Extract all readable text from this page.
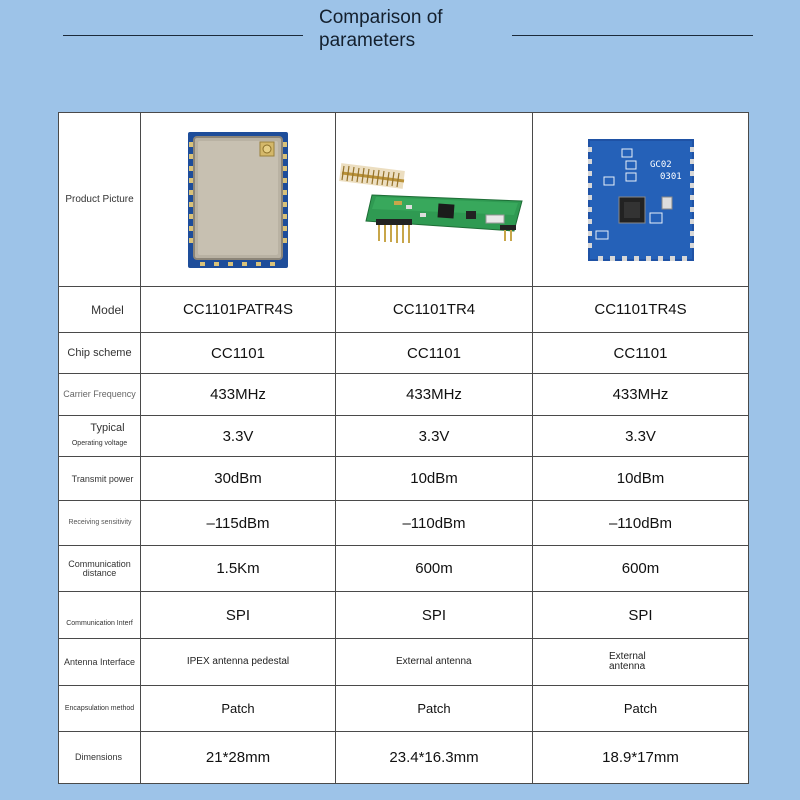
Comparison of parameters
Product Picture			GC02
0301

Model	CC1101PATR4S	CC1101TR4	CC1101TR4S
Chip scheme	CC1101	CC1101	CC1101
Carrier Frequency	433MHz	433MHz	433MHz

Typical
Operating voltage	3.3V	3.3V	3.3V
Transmit power	30dBm	10dBm	10dBm
Receiving sensitivity	–115dBm	–110dBm	–110dBm
Communication distance	1.5Km	600m	600m
Communication Interf	SPI	SPI	SPI
Antenna Interface	IPEX antenna pedestal	External antenna	External antenna
Encapsulation method	Patch	Patch	Patch
Dimensions	21*28mm	23.4*16.3mm	18.9*17mm
